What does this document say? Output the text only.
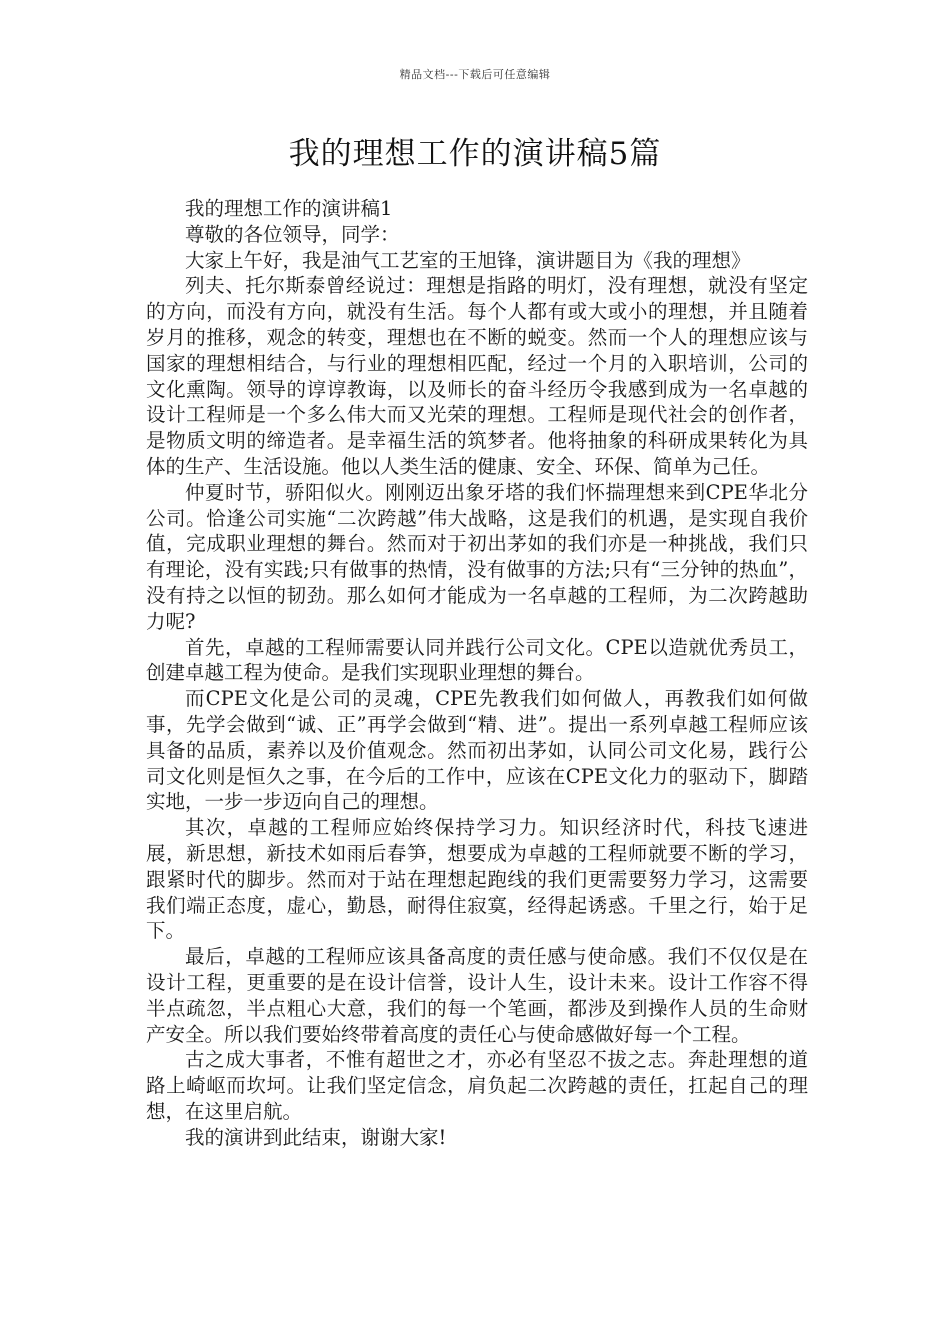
精品文档---下载后可任意编辑
我的理想工作的演讲稿5篇

我的理想工作的演讲稿1

尊敬的各位领导，同学：

大家上午好，我是油气工艺室的王旭锋，演讲题目为《我的理想》

列夫、托尔斯泰曾经说过：理想是指路的明灯，没有理想，就没有坚定的方向，而没有方向，就没有生活。每个人都有或大或小的理想，并且随着岁月的推移，观念的转变，理想也在不断的蜕变。然而一个人的理想应该与国家的理想相结合，与行业的理想相匹配，经过一个月的入职培训，公司的文化熏陶。领导的谆谆教诲，以及师长的奋斗经历令我感到成为一名卓越的设计工程师是一个多么伟大而又光荣的理想。工程师是现代社会的创作者，是物质文明的缔造者。是幸福生活的筑梦者。他将抽象的科研成果转化为具体的生产、生活设施。他以人类生活的健康、安全、环保、简单为己任。

仲夏时节，骄阳似火。刚刚迈出象牙塔的我们怀揣理想来到CPE华北分公司。恰逢公司实施“二次跨越”伟大战略，这是我们的机遇，是实现自我价值，完成职业理想的舞台。然而对于初出茅如的我们亦是一种挑战，我们只有理论，没有实践;只有做事的热情，没有做事的方法;只有“三分钟的热血”，没有持之以恒的韧劲。那么如何才能成为一名卓越的工程师，为二次跨越助力呢?

首先，卓越的工程师需要认同并践行公司文化。CPE以造就优秀员工，创建卓越工程为使命。是我们实现职业理想的舞台。

而CPE文化是公司的灵魂，CPE先教我们如何做人，再教我们如何做事，先学会做到“诚、正”再学会做到“精、进”。提出一系列卓越工程师应该具备的品质，素养以及价值观念。然而初出茅如，认同公司文化易，践行公司文化则是恒久之事，在今后的工作中，应该在CPE文化力的驱动下，脚踏实地，一步一步迈向自己的理想。

其次，卓越的工程师应始终保持学习力。知识经济时代，科技飞速进展，新思想，新技术如雨后春笋，想要成为卓越的工程师就要不断的学习，跟紧时代的脚步。然而对于站在理想起跑线的我们更需要努力学习，这需要我们端正态度，虚心，勤恳，耐得住寂寞，经得起诱惑。千里之行，始于足下。

最后，卓越的工程师应该具备高度的责任感与使命感。我们不仅仅是在设计工程，更重要的是在设计信誉，设计人生，设计未来。设计工作容不得半点疏忽，半点粗心大意，我们的每一个笔画，都涉及到操作人员的生命财产安全。所以我们要始终带着高度的责任心与使命感做好每一个工程。

古之成大事者，不惟有超世之才，亦必有坚忍不拔之志。奔赴理想的道路上崎岖而坎坷。让我们坚定信念，肩负起二次跨越的责任，扛起自己的理想，在这里启航。

我的演讲到此结束，谢谢大家!
